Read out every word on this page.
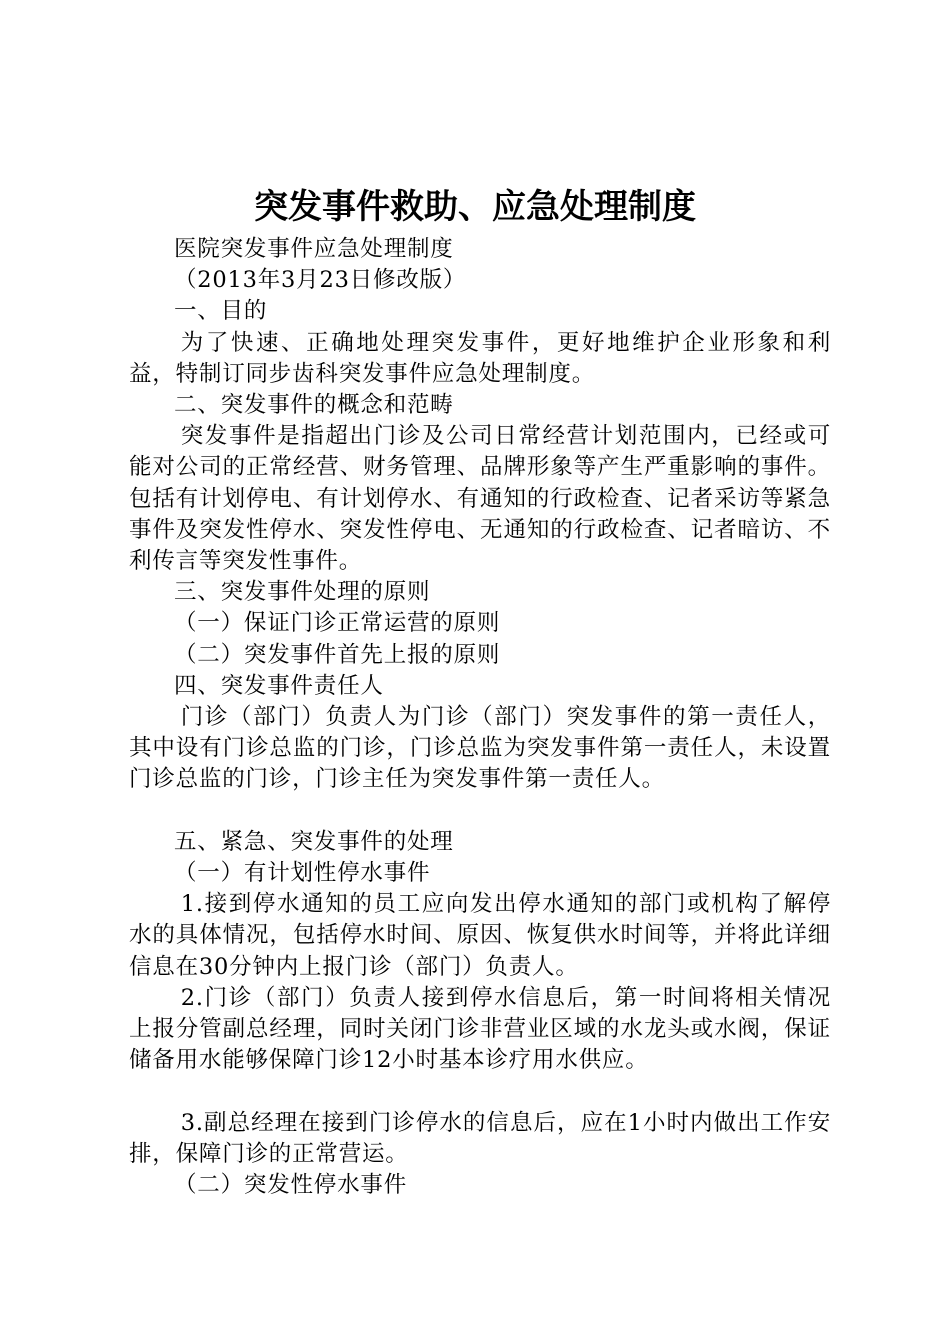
突发事件救助、应急处理制度

医院突发事件应急处理制度

（2013年3月23日修改版）

一、目的

为了快速、正确地处理突发事件，更好地维护企业形象和利益，特制订同步齿科突发事件应急处理制度。

二、突发事件的概念和范畴

突发事件是指超出门诊及公司日常经营计划范围内，已经或可能对公司的正常经营、财务管理、品牌形象等产生严重影响的事件。包括有计划停电、有计划停水、有通知的行政检查、记者采访等紧急事件及突发性停水、突发性停电、无通知的行政检查、记者暗访、不利传言等突发性事件。

三、突发事件处理的原则

（一）保证门诊正常运营的原则

（二）突发事件首先上报的原则

四、突发事件责任人

门诊（部门）负责人为门诊（部门）突发事件的第一责任人，其中设有门诊总监的门诊，门诊总监为突发事件第一责任人，未设置门诊总监的门诊，门诊主任为突发事件第一责任人。

五、紧急、突发事件的处理

（一）有计划性停水事件

1.接到停水通知的员工应向发出停水通知的部门或机构了解停水的具体情况，包括停水时间、原因、恢复供水时间等，并将此详细信息在30分钟内上报门诊（部门）负责人。

2.门诊（部门）负责人接到停水信息后，第一时间将相关情况上报分管副总经理，同时关闭门诊非营业区域的水龙头或水阀，保证储备用水能够保障门诊12小时基本诊疗用水供应。

3.副总经理在接到门诊停水的信息后，应在1小时内做出工作安排，保障门诊的正常营运。

（二）突发性停水事件
